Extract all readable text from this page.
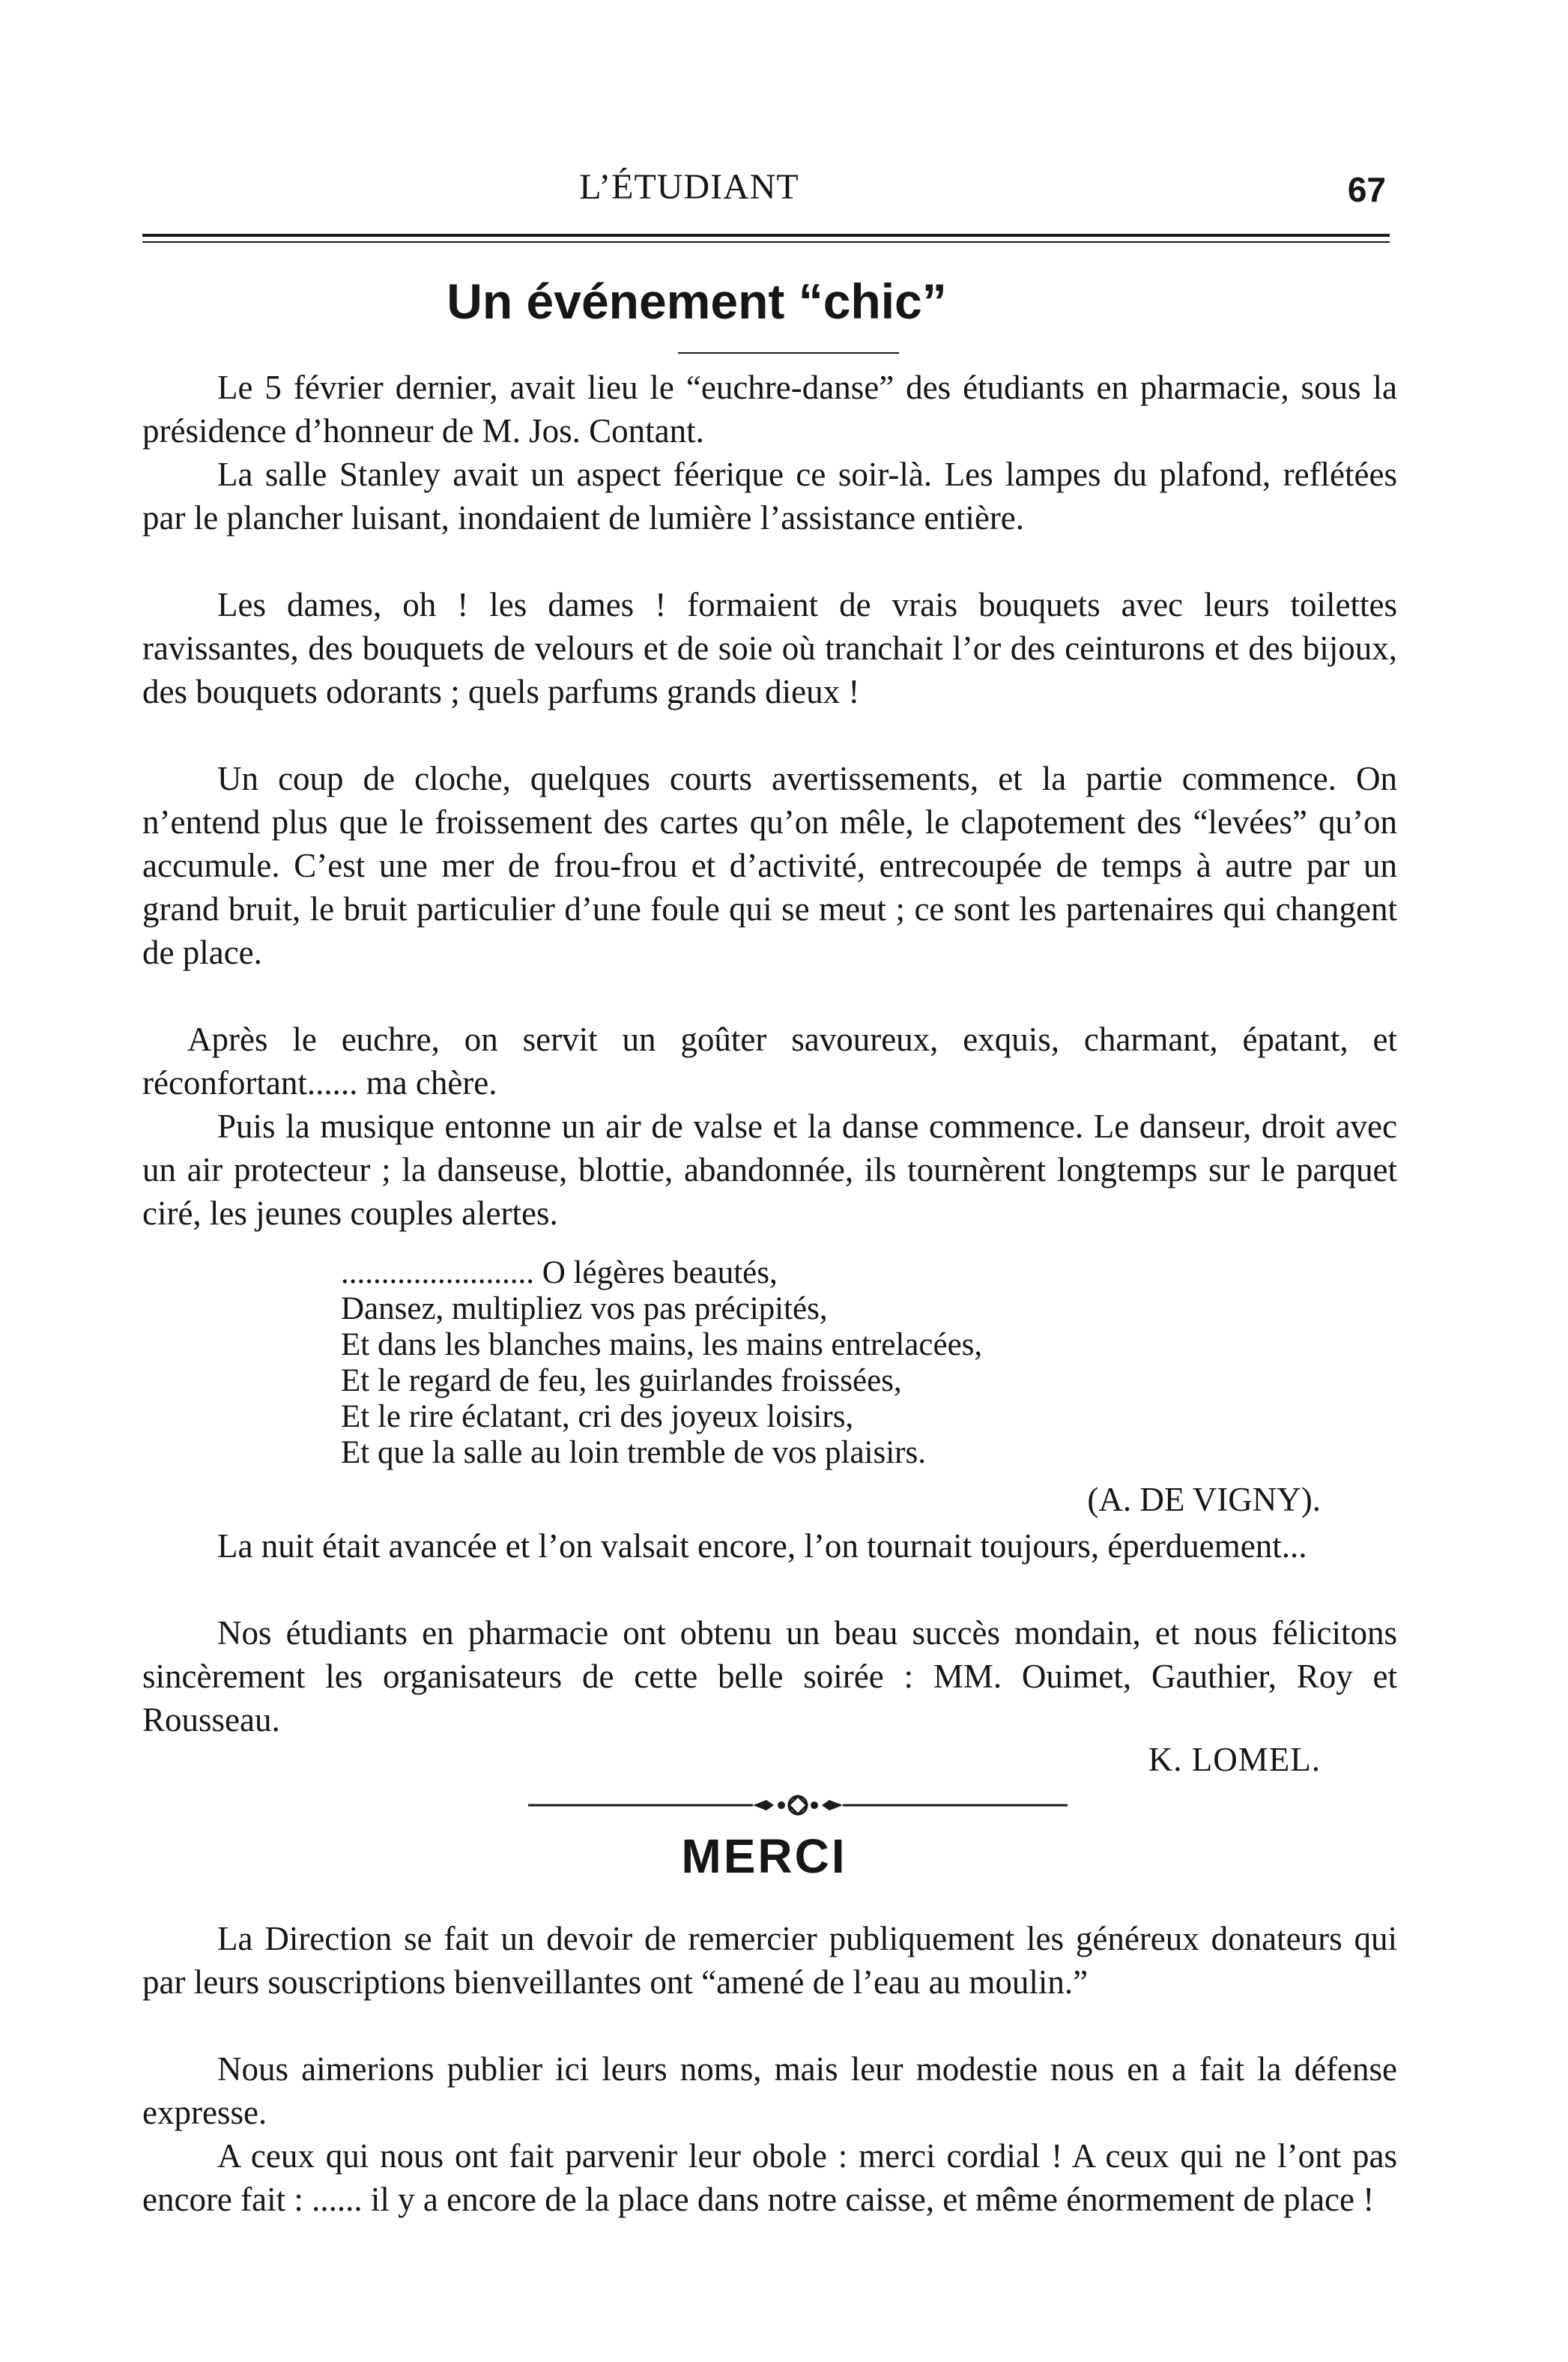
L’ÉTUDIANT	67
Un événement “chic”

Le 5 février dernier, avait lieu le “euchre-danse” des étudiants en pharmacie, sous la présidence d’honneur de M. Jos. Contant.

La salle Stanley avait un aspect féerique ce soir-là. Les lampes du plafond, reflétées par le plancher luisant, inondaient de lumière l’assistance entière.

Les dames, oh ! les dames ! formaient de vrais bouquets avec leurs toilettes ravissantes, des bouquets de velours et de soie où tranchait l’or des ceinturons et des bijoux, des bouquets odorants ; quels parfums grands dieux !

Un coup de cloche, quelques courts avertissements, et la partie commence. On n’entend plus que le froissement des cartes qu’on mêle, le clapotement des “levées” qu’on accumule. C’est une mer de frou-frou et d’activité, entrecoupée de temps à autre par un grand bruit, le bruit particulier d’une foule qui se meut ; ce sont les partenaires qui changent de place.

Après le euchre, on servit un goûter savoureux, exquis, charmant, épatant, et réconfortant...... ma chère.

Puis la musique entonne un air de valse et la danse commence. Le danseur, droit avec un air protecteur ; la danseuse, blottie, abandonnée, ils tournèrent longtemps sur le parquet ciré, les jeunes couples alertes.

........................ O légères beautés,
Dansez, multipliez vos pas précipités,
Et dans les blanches mains, les mains entrelacées,
Et le regard de feu, les guirlandes froissées,
Et le rire éclatant, cri des joyeux loisirs,
Et que la salle au loin tremble de vos plaisirs.
(A. DE VIGNY).

La nuit était avancée et l’on valsait encore, l’on tournait toujours, éperduement...

Nos étudiants en pharmacie ont obtenu un beau succès mondain, et nous félicitons sincèrement les organisateurs de cette belle soirée : MM. Ouimet, Gauthier, Roy et Rousseau.

K. LOMEL.
MERCI

La Direction se fait un devoir de remercier publiquement les généreux donateurs qui par leurs souscriptions bienveillantes ont “amené de l’eau au moulin.”

Nous aimerions publier ici leurs noms, mais leur modestie nous en a fait la défense expresse.

A ceux qui nous ont fait parvenir leur obole : merci cordial ! A ceux qui ne l’ont pas encore fait : ...... il y a encore de la place dans notre caisse, et même énormement de place !
